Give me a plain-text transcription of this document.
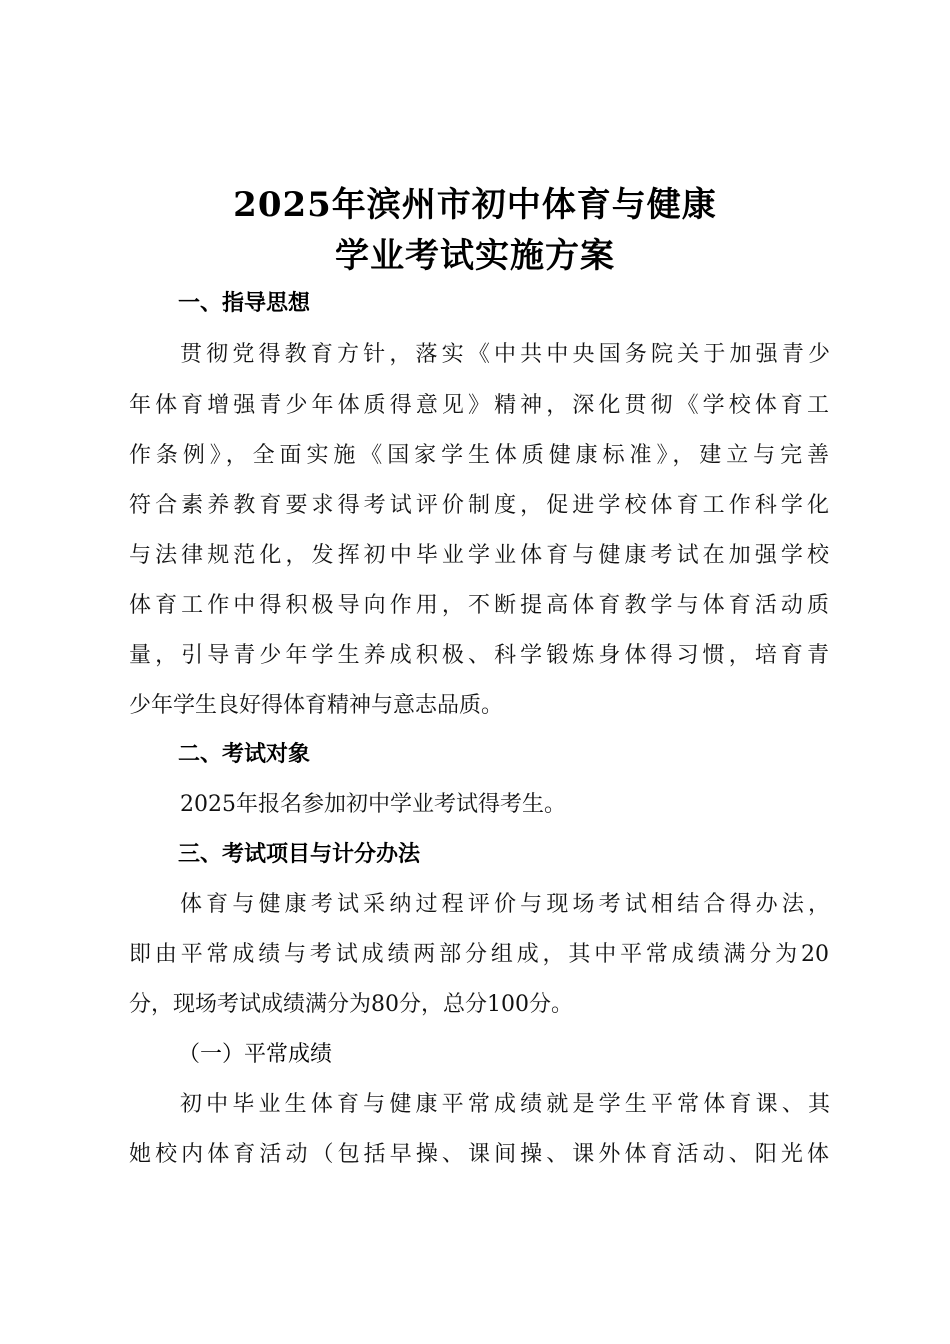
2025年滨州市初中体育与健康
学业考试实施方案
一、指导思想
贯彻党得教育方针，落实《中共中央国务院关于加强青少
年体育增强青少年体质得意见》精神，深化贯彻《学校体育工
作条例》，全面实施《国家学生体质健康标准》，建立与完善
符合素养教育要求得考试评价制度，促进学校体育工作科学化
与法律规范化，发挥初中毕业学业体育与健康考试在加强学校
体育工作中得积极导向作用，不断提高体育教学与体育活动质
量，引导青少年学生养成积极、科学锻炼身体得习惯，培育青
少年学生良好得体育精神与意志品质。
二、考试对象
2025年报名参加初中学业考试得考生。
三、考试项目与计分办法
体育与健康考试采纳过程评价与现场考试相结合得办法，
即由平常成绩与考试成绩两部分组成，其中平常成绩满分为20
分，现场考试成绩满分为80分，总分100分。
（一）平常成绩
初中毕业生体育与健康平常成绩就是学生平常体育课、其
她校内体育活动（包括早操、课间操、课外体育活动、阳光体
